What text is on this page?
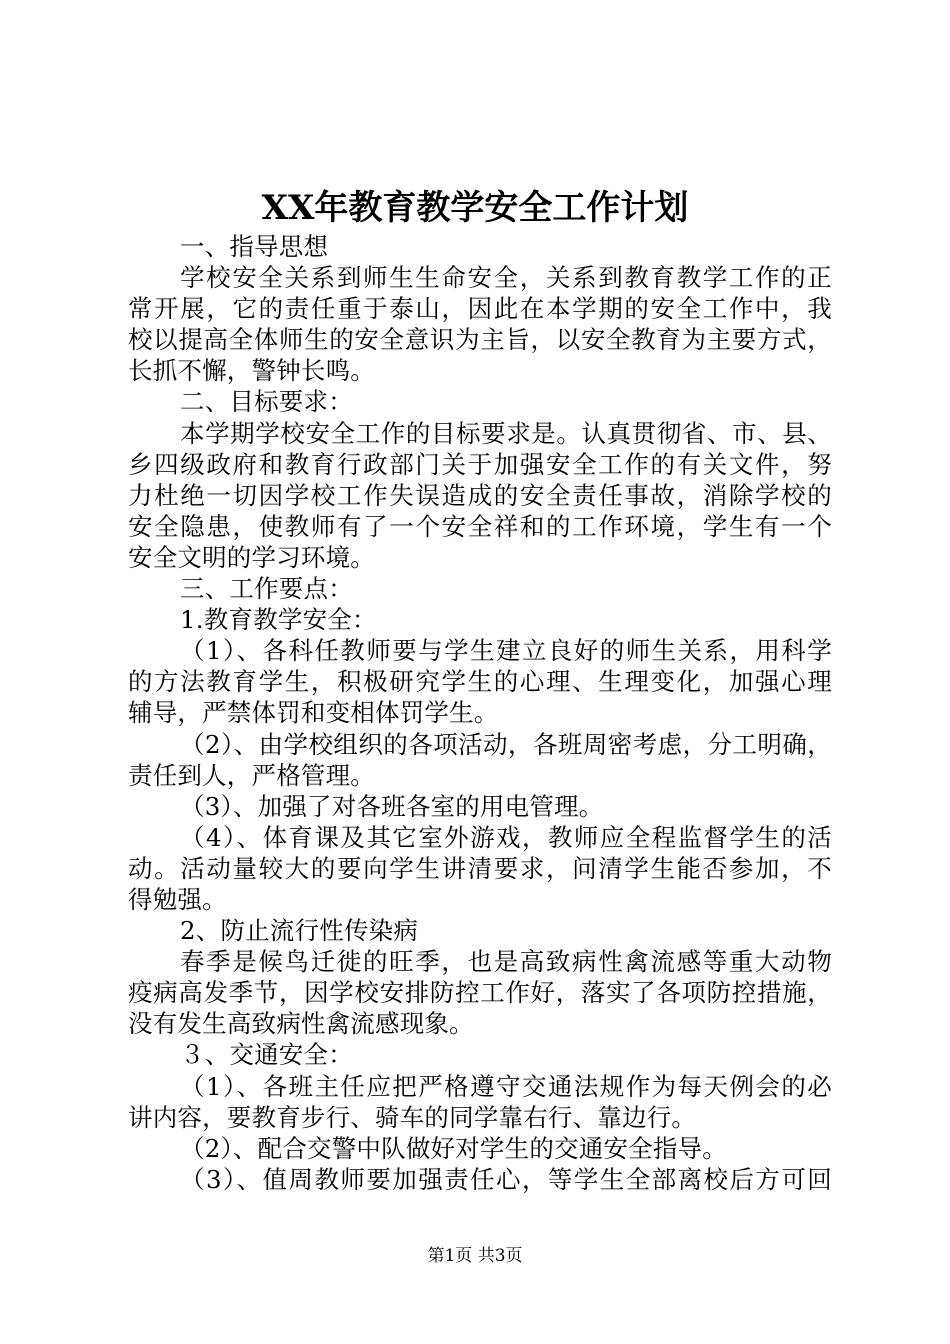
XX年教育教学安全工作计划
一、指导思想
学校安全关系到师生生命安全，关系到教育教学工作的正
常开展，它的责任重于泰山，因此在本学期的安全工作中，我
校以提高全体师生的安全意识为主旨，以安全教育为主要方式，
长抓不懈，警钟长鸣。
二、目标要求：
本学期学校安全工作的目标要求是。认真贯彻省、市、县、
乡四级政府和教育行政部门关于加强安全工作的有关文件，努
力杜绝一切因学校工作失误造成的安全责任事故，消除学校的
安全隐患，使教师有了一个安全祥和的工作环境，学生有一个
安全文明的学习环境。
三、工作要点：
1.教育教学安全：
（1）、各科任教师要与学生建立良好的师生关系，用科学
的方法教育学生，积极研究学生的心理、生理变化，加强心理
辅导，严禁体罚和变相体罚学生。
（2）、由学校组织的各项活动，各班周密考虑，分工明确，
责任到人，严格管理。
（3）、加强了对各班各室的用电管理。
（4）、体育课及其它室外游戏，教师应全程监督学生的活
动。活动量较大的要向学生讲清要求，问清学生能否参加，不
得勉强。
2、防止流行性传染病
春季是候鸟迁徙的旺季，也是高致病性禽流感等重大动物
疫病高发季节，因学校安排防控工作好，落实了各项防控措施，
没有发生高致病性禽流感现象。
３、交通安全：
（1）、各班主任应把严格遵守交通法规作为每天例会的必
讲内容，要教育步行、骑车的同学靠右行、靠边行。
（2）、配合交警中队做好对学生的交通安全指导。
（3）、值周教师要加强责任心，等学生全部离校后方可回
第1页 共3页
